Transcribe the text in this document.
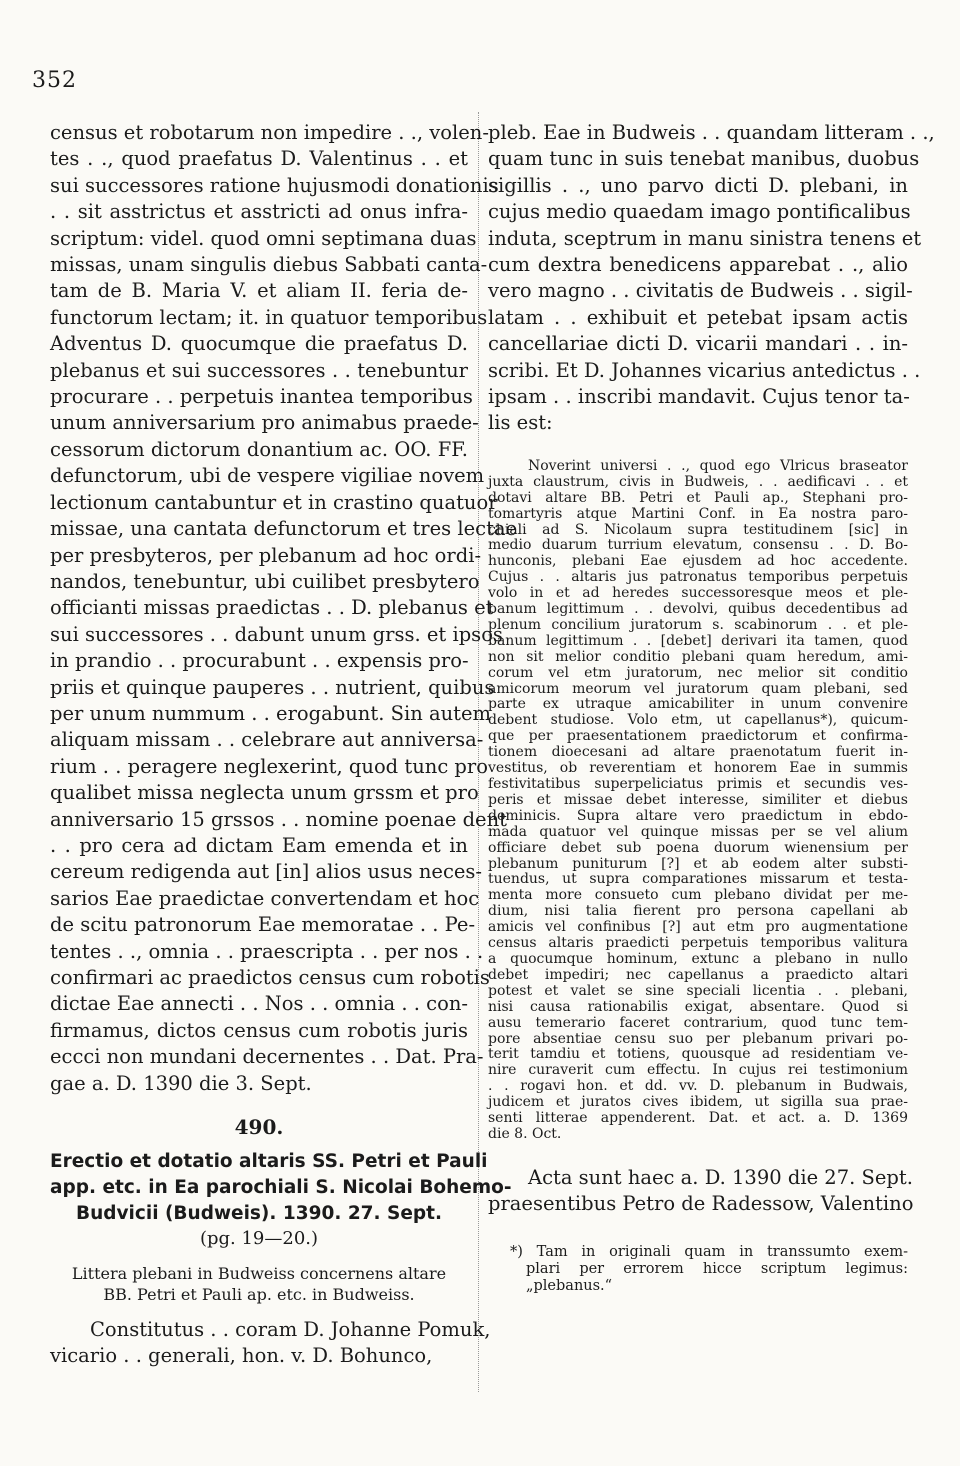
352
census et robotarum non impedire . ., volen-
tes . ., quod praefatus D. Valentinus . . et
sui successores ratione hujusmodi donationis
. . sit asstrictus et asstricti ad onus infra-
scriptum: videl. quod omni septimana duas
missas, unam singulis diebus Sabbati canta-
tam de B. Maria V. et aliam II. feria de-
functorum lectam; it. in quatuor temporibus
Adventus D. quocumque die praefatus D.
plebanus et sui successores . . tenebuntur
procurare . . perpetuis inantea temporibus
unum anniversarium pro animabus praede-
cessorum dictorum donantium ac. OO. FF.
defunctorum, ubi de vespere vigiliae novem
lectionum cantabuntur et in crastino quatuor
missae, una cantata defunctorum et tres lectae
per presbyteros, per plebanum ad hoc ordi-
nandos, tenebuntur, ubi cuilibet presbytero
officianti missas praedictas . . D. plebanus et
sui successores . . dabunt unum grss. et ipsos
in prandio . . procurabunt . . expensis pro-
priis et quinque pauperes . . nutrient, quibus
per unum nummum . . erogabunt. Sin autem
aliquam missam . . celebrare aut anniversa-
rium . . peragere neglexerint, quod tunc pro
qualibet missa neglecta unum grssm et pro
anniversario 15 grssos . . nomine poenae dent
. . pro cera ad dictam Eam emenda et in
cereum redigenda aut [in] alios usus neces-
sarios Eae praedictae convertendam et hoc
de scitu patronorum Eae memoratae . . Pe-
tentes . ., omnia . . praescripta . . per nos . .
confirmari ac praedictos census cum robotis
dictae Eae annecti . . Nos . . omnia . . con-
firmamus, dictos census cum robotis juris
eccci non mundani decernentes . . Dat. Pra-
gae a. D. 1390 die 3. Sept.
490.
Erectio et dotatio altaris SS. Petri et Pauli
app. etc. in Ea parochiali S. Nicolai Bohemo-
Budvicii (Budweis). 1390. 27. Sept.
(pg. 19—20.)
Littera plebani in Budweiss concernens altare
BB. Petri et Pauli ap. etc. in Budweiss.
Constitutus . . coram D. Johanne Pomuk,
vicario . . generali, hon. v. D. Bohunco,
pleb. Eae in Budweis . . quandam litteram . .,
quam tunc in suis tenebat manibus, duobus
sigillis . ., uno parvo dicti D. plebani, in
cujus medio quaedam imago pontificalibus
induta, sceptrum in manu sinistra tenens et
cum dextra benedicens apparebat . ., alio
vero magno . . civitatis de Budweis . . sigil-
latam . . exhibuit et petebat ipsam actis
cancellariae dicti D. vicarii mandari . . in-
scribi. Et D. Johannes vicarius antedictus . .
ipsam . . inscribi mandavit. Cujus tenor ta-
lis est:
Noverint universi . ., quod ego Vlricus braseator
juxta claustrum, civis in Budweis, . . aedificavi . . et
dotavi altare BB. Petri et Pauli ap., Stephani pro-
tomartyris atque Martini Conf. in Ea nostra paro-
chiali ad S. Nicolaum supra testitudinem [sic] in
medio duarum turrium elevatum, consensu . . D. Bo-
hunconis, plebani Eae ejusdem ad hoc accedente.
Cujus . . altaris jus patronatus temporibus perpetuis
volo in et ad heredes successoresque meos et ple-
banum legittimum . . devolvi, quibus decedentibus ad
plenum concilium juratorum s. scabinorum . . et ple-
banum legittimum . . [debet] derivari ita tamen, quod
non sit melior conditio plebani quam heredum, ami-
corum vel etm juratorum, nec melior sit conditio
amicorum meorum vel juratorum quam plebani, sed
parte ex utraque amicabiliter in unum convenire
debent studiose. Volo etm, ut capellanus*), quicum-
que per praesentationem praedictorum et confirma-
tionem dioecesani ad altare praenotatum fuerit in-
vestitus, ob reverentiam et honorem Eae in summis
festivitatibus superpeliciatus primis et secundis ves-
peris et missae debet interesse, similiter et diebus
dominicis. Supra altare vero praedictum in ebdo-
mada quatuor vel quinque missas per se vel alium
officiare debet sub poena duorum wienensium per
plebanum puniturum [?] et ab eodem alter substi-
tuendus, ut supra comparationes missarum et testa-
menta more consueto cum plebano dividat per me-
dium, nisi talia fierent pro persona capellani ab
amicis vel confinibus [?] aut etm pro augmentatione
census altaris praedicti perpetuis temporibus valitura
a quocumque hominum, extunc a plebano in nullo
debet impediri; nec capellanus a praedicto altari
potest et valet se sine speciali licentia . . plebani,
nisi causa rationabilis exigat, absentare. Quod si
ausu temerario faceret contrarium, quod tunc tem-
pore absentiae censu suo per plebanum privari po-
terit tamdiu et totiens, quousque ad residentiam ve-
nire curaverit cum effectu. In cujus rei testimonium
. . rogavi hon. et dd. vv. D. plebanum in Budwais,
judicem et juratos cives ibidem, ut sigilla sua prae-
senti litterae appenderent. Dat. et act. a. D. 1369
die 8. Oct.
Acta sunt haec a. D. 1390 die 27. Sept.
praesentibus Petro de Radessow, Valentino
*) Tam in originali quam in transsumto exem-
plari per errorem hicce scriptum legimus:
„plebanus.“
